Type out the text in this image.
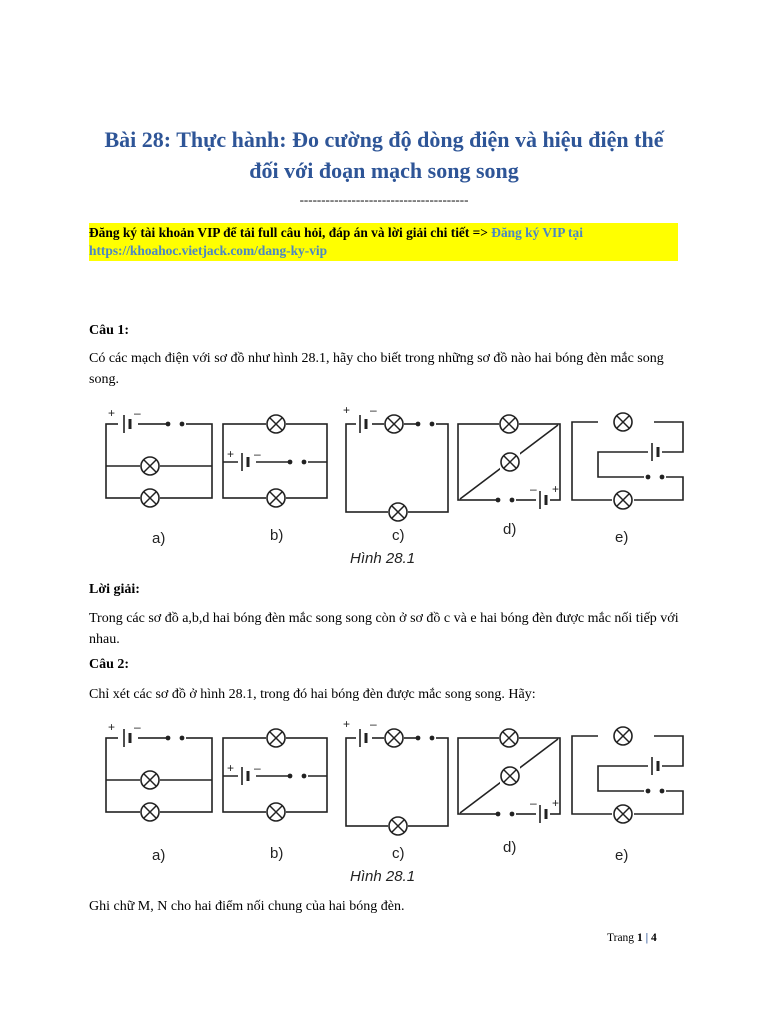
Bài 28: Thực hành: Đo cường độ dòng điện và hiệu điện thế
đối với đoạn mạch song song
---------------------------------------
Đăng ký tài khoản VIP để tải full câu hỏi, đáp án và lời giải chi tiết => Đăng ký VIP tại
https://khoahoc.vietjack.com/dang-ky-vip
Câu 1:
Có các mạch điện với sơ đồ như hình 28.1, hãy cho biết trong những sơ đồ nào hai bóng đèn mắc song song.
+ –
+ –
+ –
– +
a)	b)	c)	d)	e)
Hình 28.1
Lời giải:
Trong các sơ đồ a,b,d hai bóng đèn mắc song song còn ở sơ đồ c và e hai bóng đèn được mắc nối tiếp với nhau.
Câu 2:
Chỉ xét các sơ đồ ở hình 28.1, trong đó hai bóng đèn được mắc song song. Hãy:
+ –
+ –
+ –
– +
a)	b)	c)	d)	e)
Hình 28.1
Ghi chữ M, N cho hai điểm nối chung của hai bóng đèn.
Trang 1 | 4
